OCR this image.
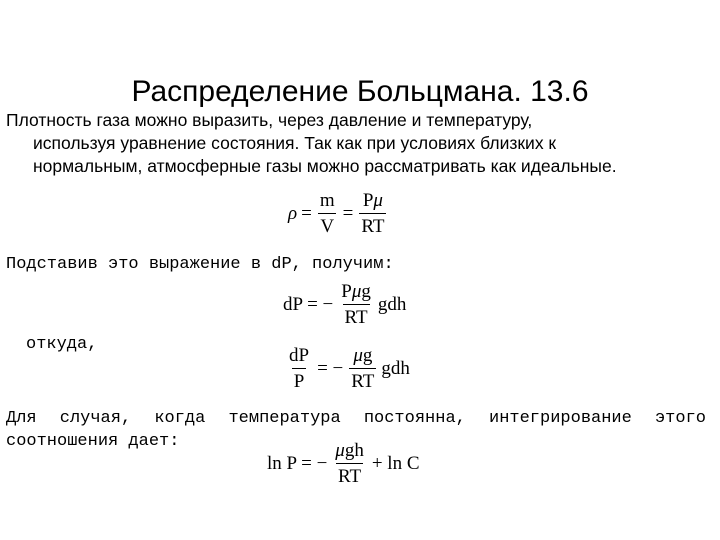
Распределение Больцмана. 13.6
Плотность газа можно выразить, через давление и температуру,
используя уравнение состояния. Так как при условиях близких к
нормальным, атмосферные газы можно рассматривать как идеальные.
$\rho = \frac{m}{V} = \frac{P\mu}{RT}$
Подставив это выражение в dP, получим:
dP = − $\frac{\text{Pμg}}{RT}$ gdh
откуда,
$\frac{dP}{P}$ = − $\frac{\mu g}{RT}$ gdh
Для случая, когда температура постоянна, интегрирование этого
соотношения дает:
ln P = − $\frac{\text{μgh}}{RT} + \ln C$
